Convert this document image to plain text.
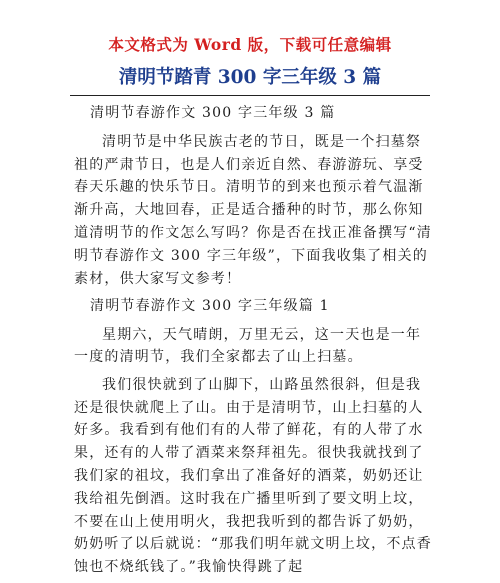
本文格式为 Word 版，下载可任意编辑
清明节踏青 300 字三年级 3 篇

清明节春游作文 300 字三年级 3 篇

清明节是中华民族古老的节日，既是一个扫墓祭祖的严肃节日，也是人们亲近自然、春游游玩、享受春天乐趣的快乐节日。清明节的到来也预示着气温渐渐升高，大地回春，正是适合播种的时节，那么你知道清明节的作文怎么写吗？你是否在找正准备撰写“清明节春游作文 300 字三年级”，下面我收集了相关的素材，供大家写文参考！

清明节春游作文 300 字三年级篇 1

星期六，天气晴朗，万里无云，这一天也是一年一度的清明节，我们全家都去了山上扫墓。

我们很快就到了山脚下，山路虽然很斜，但是我还是很快就爬上了山。由于是清明节，山上扫墓的人好多。我看到有他们有的人带了鲜花，有的人带了水果，还有的人带了酒菜来祭拜祖先。很快我就找到了我们家的祖坟，我们拿出了准备好的酒菜，奶奶还让我给祖先倒酒。这时我在广播里听到了要文明上坟，不要在山上使用明火，我把我听到的都告诉了奶奶，奶奶听了以后就说：“那我们明年就文明上坟，不点香蚀也不烧纸钱了。”我愉快得跳了起
